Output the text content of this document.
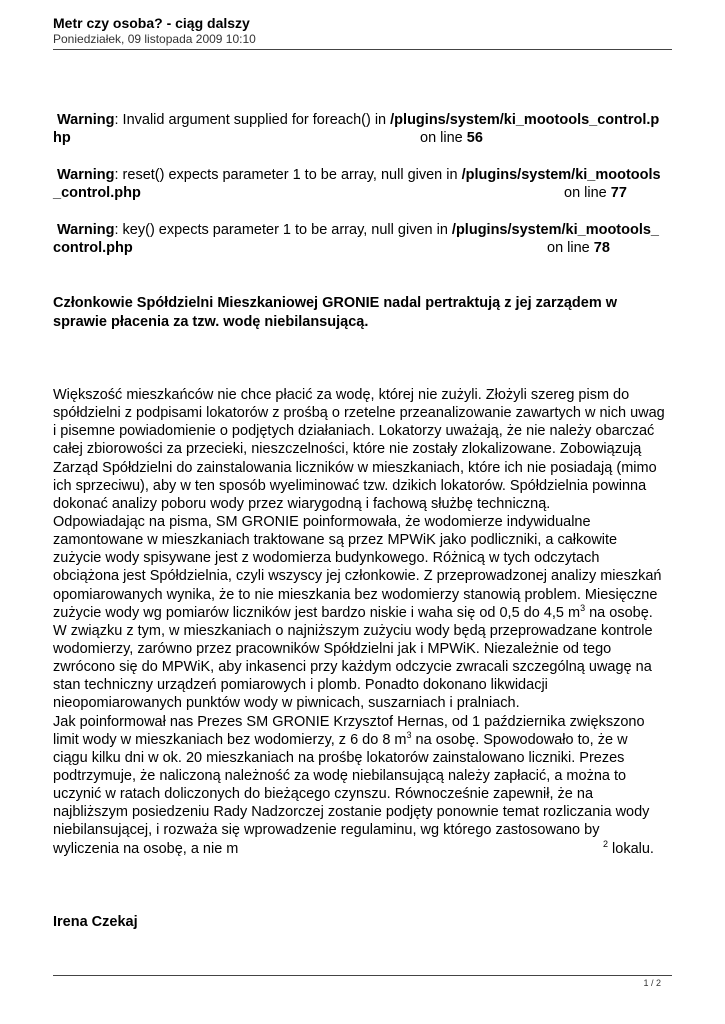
Metr czy osoba? - ciąg dalszy
Poniedziałek, 09 listopada 2009 10:10
Warning: Invalid argument supplied for foreach() in /plugins/system/ki_mootools_control.p
hp	on line 56
Warning: reset() expects parameter 1 to be array, null given in /plugins/system/ki_mootools
_control.php	on line 77
Warning: key() expects parameter 1 to be array, null given in /plugins/system/ki_mootools_
control.php	on line 78
Członkowie Spółdzielni Mieszkaniowej GRONIE nadal pertraktują z jej zarządem w
sprawie płacenia za tzw. wodę niebilansującą.
Większość mieszkańców nie chce płacić za wodę, której nie zużyli. Złożyli szereg pism do
spółdzielni z podpisami lokatorów z prośbą o rzetelne przeanalizowanie zawartych w nich uwag
i pisemne powiadomienie o podjętych działaniach. Lokatorzy uważają, że nie należy obarczać
całej zbiorowości za przecieki, nieszczelności, które nie zostały zlokalizowane. Zobowiązują
Zarząd Spółdzielni do zainstalowania liczników w mieszkaniach, które ich nie posiadają (mimo
ich sprzeciwu), aby w ten sposób wyeliminować tzw. dzikich lokatorów. Spółdzielnia powinna
dokonać analizy poboru wody przez wiarygodną i fachową służbę techniczną.
Odpowiadając na pisma, SM GRONIE poinformowała, że wodomierze indywidualne
zamontowane w mieszkaniach traktowane są przez MPWiK jako podliczniki, a całkowite
zużycie wody spisywane jest z wodomierza budynkowego. Różnicą w tych odczytach
obciążona jest Spółdzielnia, czyli wszyscy jej członkowie. Z przeprowadzonej analizy mieszkań
opomiarowanych wynika, że to nie mieszkania bez wodomierzy stanowią problem. Miesięczne
zużycie wody wg pomiarów liczników jest bardzo niskie i waha się od 0,5 do 4,5 $m^3$ na osobę.
W związku z tym, w mieszkaniach o najniższym zużyciu wody będą przeprowadzane kontrole
wodomierzy, zarówno przez pracowników Spółdzielni jak i MPWiK. Niezależnie od tego
zwrócono się do MPWiK, aby inkasenci przy każdym odczycie zwracali szczególną uwagę na
stan techniczny urządzeń pomiarowych i plomb. Ponadto dokonano likwidacji
nieopomiarowanych punktów wody w piwnicach, suszarniach i pralniach.
Jak poinformował nas Prezes SM GRONIE Krzysztof Hernas, od 1 października zwiększono
limit wody w mieszkaniach bez wodomierzy, z 6 do 8 $m^3$ na osobę. Spowodowało to, że w
ciągu kilku dni w ok. 20 mieszkaniach na prośbę lokatorów zainstalowano liczniki. Prezes
podtrzymuje, że naliczoną należność za wodę niebilansującą należy zapłacić, a można to
uczynić w ratach doliczonych do bieżącego czynszu. Równocześnie zapewnił, że na
najbliższym posiedzeniu Rady Nadzorczej zostanie podjęty ponownie temat rozliczania wody
niebilansującej, i rozważa się wprowadzenie regulaminu, wg którego zastosowano by
wyliczenia na osobę, a nie m	$^2$ lokalu.
Irena Czekaj
1 / 2
